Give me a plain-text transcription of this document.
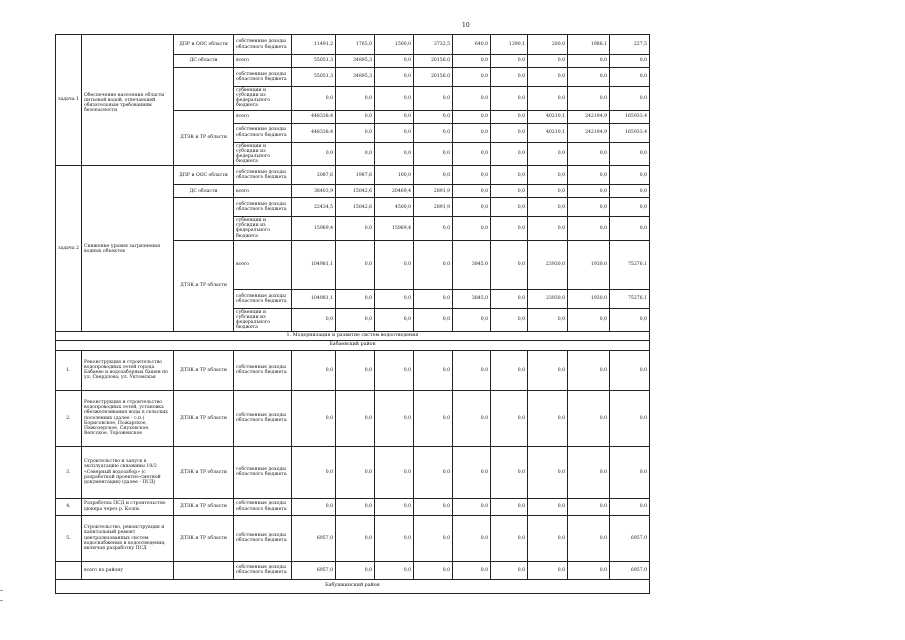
10
задача 1	Обеспечение населения области питьевой водой, отвечающей обязательным требованиям безопасности	ДПР и ООС области	собственные доходы областного бюджета	11491,2	1765,0	1500,0	3732,5	640,0	1390,1	200,0	1986,1	227,5
		ДС области	всего	55051,3	34895,3	0,0	20156,0	0,0	0,0	0,0	0,0	0,0
			собственные доходы областного бюджета	55051,3	34895,3	0,0	20156,0	0,0	0,0	0,0	0,0	0,0
			субвенции и субсидии из федерального бюджета	0,0	0,0	0,0	0,0	0,0	0,0	0,0	0,0	0,0
		ДТЭК и ТР области	всего	448338,4	0,0	0,0	0,0	0,0	0,0	40210,1	242194,9	165933,4
			собственные доходы областного бюджета	448338,4	0,0	0,0	0,0	0,0	0,0	40210,1	242194,9	165933,4
			субвенции и субсидии из федерального бюджета	0,0	0,0	0,0	0,0	0,0	0,0	0,0	0,0	0,0
задача 2	Снижение уровня загрязнения водных объектов	ДПР и ООС области	собственные доходы областного бюджета	2087,6	1987,6	100,0	0,0	0,0	0,0	0,0	0,0	0,0
		ДС области	всего	38403,9	15042,6	20469,4	2891,9	0,0	0,0	0,0	0,0	0,0
			собственные доходы областного бюджета	22434,5	15042,6	4500,0	2891,9	0,0	0,0	0,0	0,0	0,0
			субвенции и субсидии из федерального бюджета	15969,4	0,0	15969,4	0,0	0,0	0,0	0,0	0,0	0,0
		ДТЭК и ТР области	всего	104981,1	0,0	0,0	0,0	3845,0	0,0	23930,0	1930,0	75276,1
			собственные доходы областного бюджета	104981,1	0,0	0,0	0,0	3845,0	0,0	23930,0	1930,0	75276,1
			субвенции и субсидии из федерального бюджета	0,0	0,0	0,0	0,0	0,0	0,0	0,0	0,0	0,0
1. Модернизация и развитие систем водоотведения												
Бабаевский район												
1.	Реконструкция и строительство водопроводных сетей города Бабаево и водозаборных башен по ул. Свердлова, ул. Уктомская	ДТЭК и ТР области	собственные доходы областного бюджета	0,0	0,0	0,0	0,0	0,0	0,0	0,0	0,0	0,0
2.	Реконструкция и строительство водопроводных сетей, установка обезжелезивания воды в сельских поселениях (далее - с.п.) Борисовское, Пожарское, Пяжозерское, Сиуховское, Вепсское, Тороженское	ДТЭК и ТР области	собственные доходы областного бюджета	0,0	0,0	0,0	0,0	0,0	0,0	0,0	0,0	0,0
3.	Строительство и запуск в эксплуатацию скважины 10/2 «Северный водозабор» (с разработкой проектно-сметной документации) (далее - ПСД)	ДТЭК и ТР области	собственные доходы областного бюджета	0,0	0,0	0,0	0,0	0,0	0,0	0,0	0,0	0,0
4.	Разработка ПСД и строительство дюкера через р. Колпь	ДТЭК и ТР области	собственные доходы областного бюджета	0,0	0,0	0,0	0,0	0,0	0,0	0,0	0,0	0,0
5.	Строительство, реконструкция и капитальный ремонт централизованных систем водоснабжения и водоотведения, включая разработку ПСД	ДТЭК и ТР области	собственные доходы областного бюджета	6957,0	0,0	0,0	0,0	0,0	0,0	0,0	0,0	6957,0
	всего по району		собственные доходы областного бюджета	6957,0	0,0	0,0	0,0	0,0	0,0	0,0	0,0	6957,0
Бабушкинский район												
